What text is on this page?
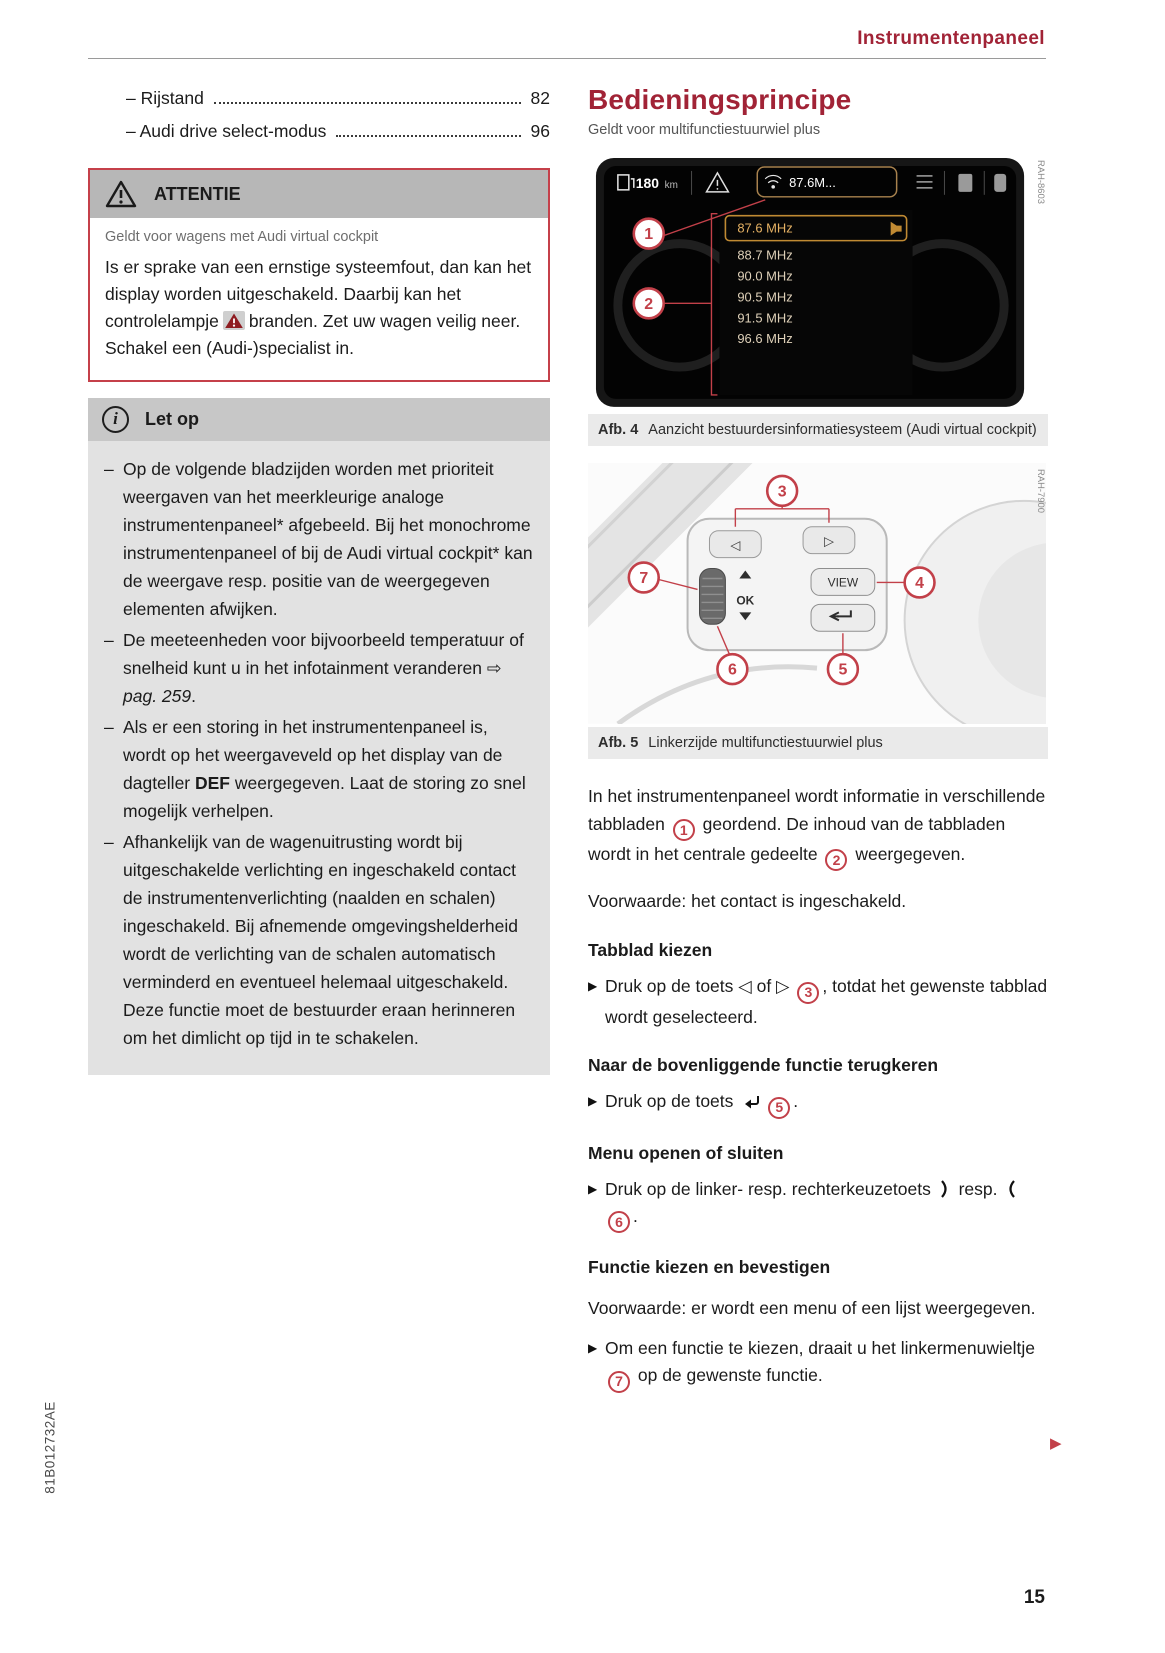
Instrumentenpaneel
– Rijstand	82
– Audi drive select-modus	96
ATTENTIE
Geldt voor wagens met Audi virtual cockpit
Is er sprake van een ernstige systeemfout, dan kan het display worden uitgeschakeld. Daarbij kan het controlelampje branden. Zet uw wagen veilig neer. Schakel een (Audi-)specialist in.
i	Let op
– Op de volgende bladzijden worden met prioriteit weergaven van het meerkleurige analoge instrumentenpaneel* afgebeeld. Bij het monochrome instrumentenpaneel of bij de Audi virtual cockpit* kan de weergave resp. positie van de weergegeven elementen afwijken.
– De meeteenheden voor bijvoorbeeld temperatuur of snelheid kunt u in het infotainment veranderen ⇨ pag. 259.
– Als er een storing in het instrumentenpaneel is, wordt op het weergaveveld op het display van de dagteller DEF weergegeven. Laat de storing zo snel mogelijk verhelpen.
– Afhankelijk van de wagenuitrusting wordt bij uitgeschakelde verlichting en ingeschakeld contact de instrumentenverlichting (naalden en schalen) ingeschakeld. Bij afnemende omgevingshelderheid wordt de verlichting van de schalen automatisch verminderd en eventueel helemaal uitgeschakeld. Deze functie moet de bestuurder eraan herinneren om het dimlicht op tijd in te schakelen.
Bedieningsprincipe
Geldt voor multifunctiestuurwiel plus
180 km	87.6M...
87.6 MHz
88.7 MHz
90.0 MHz
90.5 MHz
91.5 MHz
96.6 MHz
1
2
RAH-8603
Afb. 4 Aanzicht bestuurdersinformatiesysteem (Audi virtual cockpit)
◁	▷
OK
VIEW
3
4
5
6
7
RAH-7900
Afb. 5 Linkerzijde multifunctiestuurwiel plus

In het instrumentenpaneel wordt informatie in verschillende tabbladen 1 geordend. De inhoud van de tabbladen wordt in het centrale gedeelte 2 weergegeven.

Voorwaarde: het contact is ingeschakeld.

Tabblad kiezen
▶ Druk op de toets ◁ of ▷ 3 , totdat het gewenste tabblad wordt geselecteerd.
Naar de bovenliggende functie terugkeren
▶ Druk op de toets	5 .
Menu openen of sluiten
▶ Druk op de linker- resp. rechterkeuzetoets  resp. 6 .
Functie kiezen en bevestigen

Voorwaarde: er wordt een menu of een lijst weergegeven.

▶ Om een functie te kiezen, draait u het linkermenuwieltje 7 op de gewenste functie.
81B012732AE	▶
15
